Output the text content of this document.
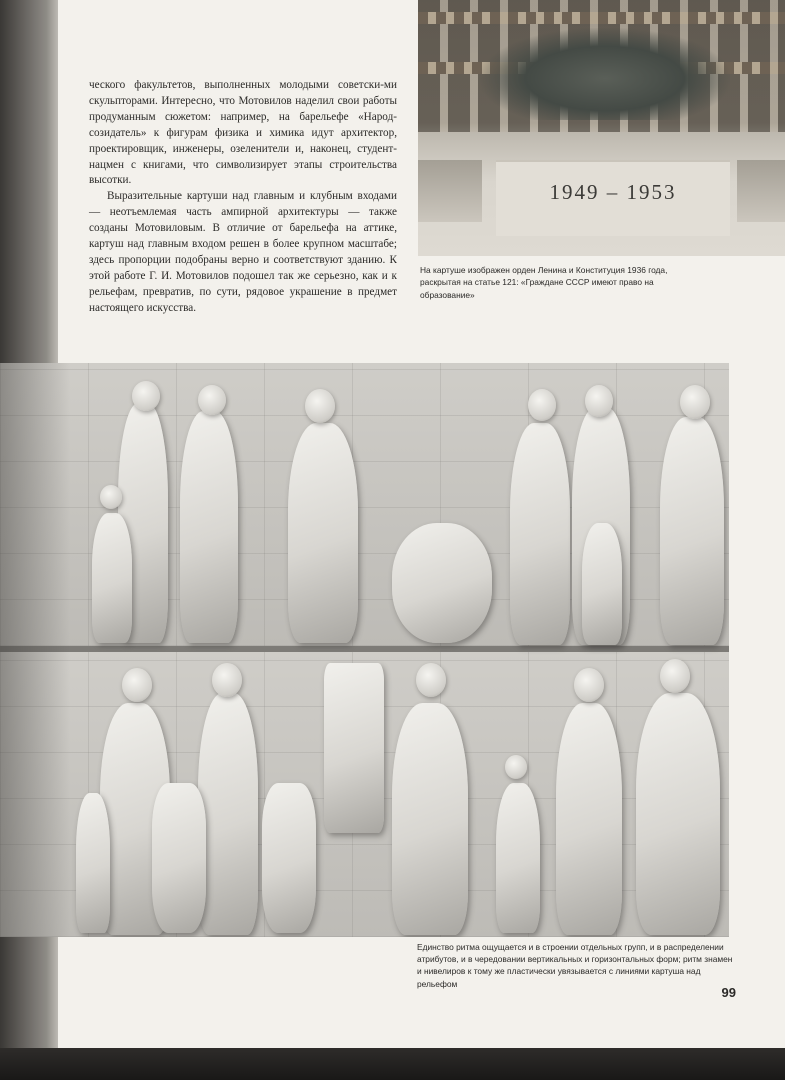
ческого факультетов, выполненных молодыми советски-ми скульпторами. Интересно, что Мотовилов наделил свои работы продуманным сюжетом: например, на барельефе «Народ-созидатель» к фигурам физика и химика идут архитектор, проектировщик, инженеры, озеленители и, наконец, студент-нацмен с книгами, что символизирует этапы строительства высотки.

Выразительные картуши над главным и клубным входами — неотъемлемая часть ампирной архитектуры — также созданы Мотовиловым. В отличие от барельефа на аттике, картуш над главным входом решен в более крупном масштабе; здесь пропорции подобраны верно и соответствуют зданию. К этой работе Г. И. Мотовилов подошел так же серьезно, как и к рельефам, превратив, по сути, рядовое украшение в предмет настоящего искусства.

1949 – 1953
На картуше изображен орден Ленина и Конституция 1936 года, раскрытая на статье 121: «Граждане СССР имеют право на образование»
Единство ритма ощущается и в строении отдельных групп, и в распределении атрибутов, и в чередовании вертикальных и горизонтальных форм; ритм знамен и нивелиров к тому же пластически увязывается с линиями картуша над рельефом
99
